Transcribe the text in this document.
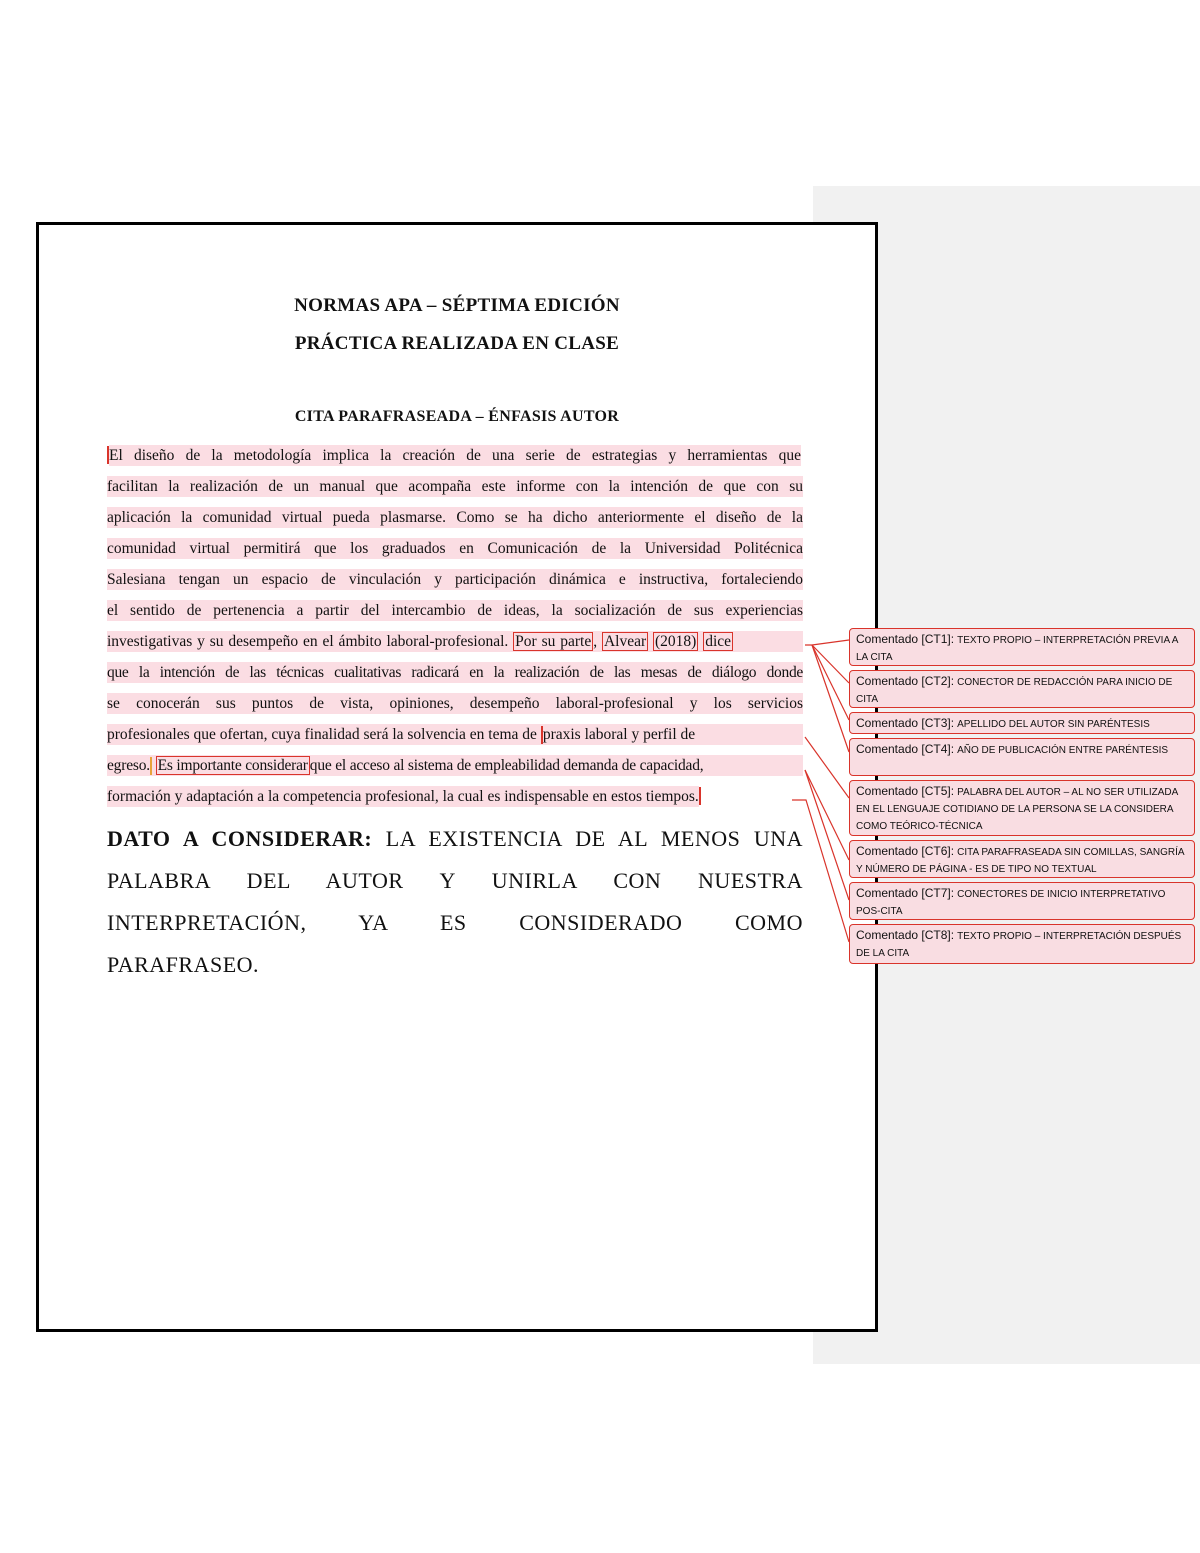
NORMAS APA – SÉPTIMA EDICIÓN
PRÁCTICA REALIZADA EN CLASE
CITA PARAFRASEADA – ÉNFASIS AUTOR
El diseño de la metodología implica la creación de una serie de estrategias y herramientas que
facilitan la realización de un manual que acompaña este informe con la intención de que con su
aplicación la comunidad virtual pueda plasmarse. Como se ha dicho anteriormente el diseño de la
comunidad virtual permitirá que los graduados en Comunicación de la Universidad Politécnica
Salesiana tengan un espacio de vinculación y participación dinámica e instructiva, fortaleciendo
el sentido de pertenencia a partir del intercambio de ideas, la socialización de sus experiencias
investigativas y su desempeño en el ámbito laboral-profesional. Por su parte , Alvear (2018) dice
que la intención de las técnicas cualitativas radicará en la realización de las mesas de diálogo donde
se conocerán sus puntos de vista, opiniones, desempeño laboral-profesional y los servicios
profesionales que ofertan, cuya finalidad será la solvencia en tema de praxis laboral y perfil de
egreso. Es importante considerar que el acceso al sistema de empleabilidad demanda de capacidad,
formación y adaptación a la competencia profesional, la cual es indispensable en estos tiempos.
DATO A CONSIDERAR: LA EXISTENCIA DE AL MENOS UNA
PALABRA DEL AUTOR Y UNIRLA CON NUESTRA
INTERPRETACIÓN, YA ES CONSIDERADO COMO
PARAFRASEO.
Comentado [CT1]: TEXTO PROPIO – INTERPRETACIÓN PREVIA A LA CITA
Comentado [CT2]: CONECTOR DE REDACCIÓN PARA INICIO DE CITA
Comentado [CT3]: APELLIDO DEL AUTOR SIN PARÉNTESIS
Comentado [CT4]: AÑO DE PUBLICACIÓN ENTRE PARÉNTESIS
Comentado [CT5]: PALABRA DEL AUTOR – AL NO SER UTILIZADA EN EL LENGUAJE COTIDIANO DE LA PERSONA SE LA CONSIDERA COMO TEÓRICO-TÉCNICA
Comentado [CT6]: CITA PARAFRASEADA SIN COMILLAS, SANGRÍA Y NÚMERO DE PÁGINA - ES DE TIPO NO TEXTUAL
Comentado [CT7]: CONECTORES DE INICIO INTERPRETATIVO POS-CITA
Comentado [CT8]: TEXTO PROPIO – INTERPRETACIÓN DESPUÉS DE LA CITA
